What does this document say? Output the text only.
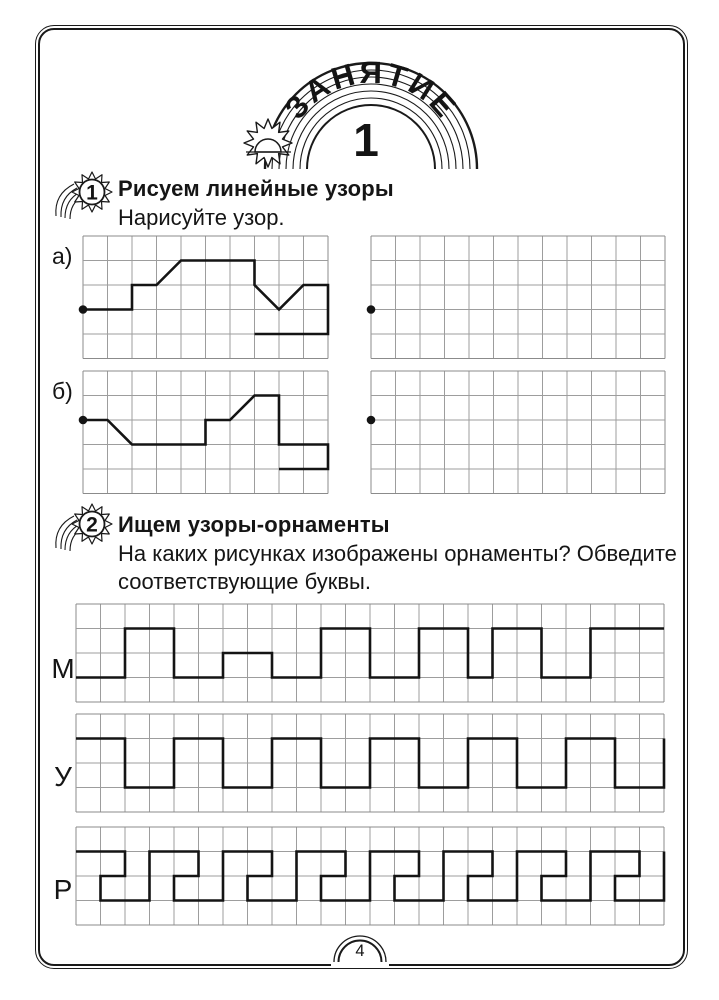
ЗАНЯТИЕ
1
1 Рисуем линейные узоры
Нарисуйте узор.
а)
б)
2 Ищем узоры-орнаменты
На каких рисунках изображены орнаменты? Обведите
соответствующие буквы.
М
У
Р
4
